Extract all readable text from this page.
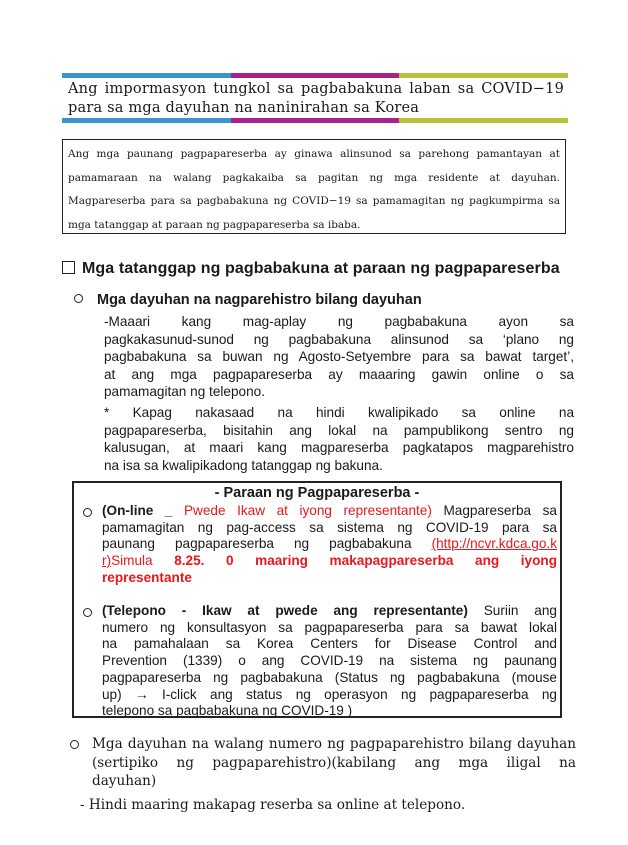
Ang impormasyon tungkol sa pagbabakuna laban sa COVID−19
para sa mga dayuhan na naninirahan sa Korea
Ang mga paunang pagpapareserba ay ginawa alinsunod sa parehong pamantayan at
pamamaraan na walang pagkakaiba sa pagitan ng mga residente at dayuhan.
Magpareserba para sa pagbabakuna ng COVID−19 sa pamamagitan ng pagkumpirma sa
mga tatanggap at paraan ng pagpapareserba sa ibaba.
Mga tatanggap ng pagbabakuna at paraan ng pagpapareserba
Mga dayuhan na nagparehistro bilang dayuhan
-Maaari kang mag-aplay ng pagbabakuna ayon sa
pagkakasunud-sunod ng pagbabakuna alinsunod sa ‘plano ng
pagbabakuna sa buwan ng Agosto-Setyembre para sa bawat target’,
at ang mga pagpapareserba ay maaaring gawin online o sa
pamamagitan ng telepono.
* Kapag nakasaad na hindi kwalipikado sa online na
pagpapareserba, bisitahin ang lokal na pampublikong sentro ng
kalusugan, at maari kang magpareserba pagkatapos magparehistro
na isa sa kwalipikadong tatanggap ng bakuna.
- Paraan ng Pagpapareserba -
(On-line _ Pwede Ikaw at iyong representante) Magpareserba sa
pamamagitan ng pag-access sa sistema ng COVID-19 para sa
paunang pagpapareserba ng pagbabakuna (http://ncvr.kdca.go.k
r)Simula 8.25. 0 maaring makapagpareserba ang iyong
representante
(Telepono - Ikaw at pwede ang representante) Suriin ang
numero ng konsultasyon sa pagpapareserba para sa bawat lokal
na pamahalaan sa Korea Centers for Disease Control and
Prevention (1339) o ang COVID-19 na sistema ng paunang
pagpapareserba ng pagbabakuna (Status ng pagbabakuna (mouse
up) → I-click ang status ng operasyon ng pagpapareserba ng
telepono sa pagbabakuna ng COVID-19 )
Mga dayuhan na walang numero ng pagpaparehistro bilang dayuhan
(sertipiko ng pagpaparehistro)(kabilang ang mga iligal na
dayuhan)
- Hindi maaring makapag reserba sa online at telepono.
